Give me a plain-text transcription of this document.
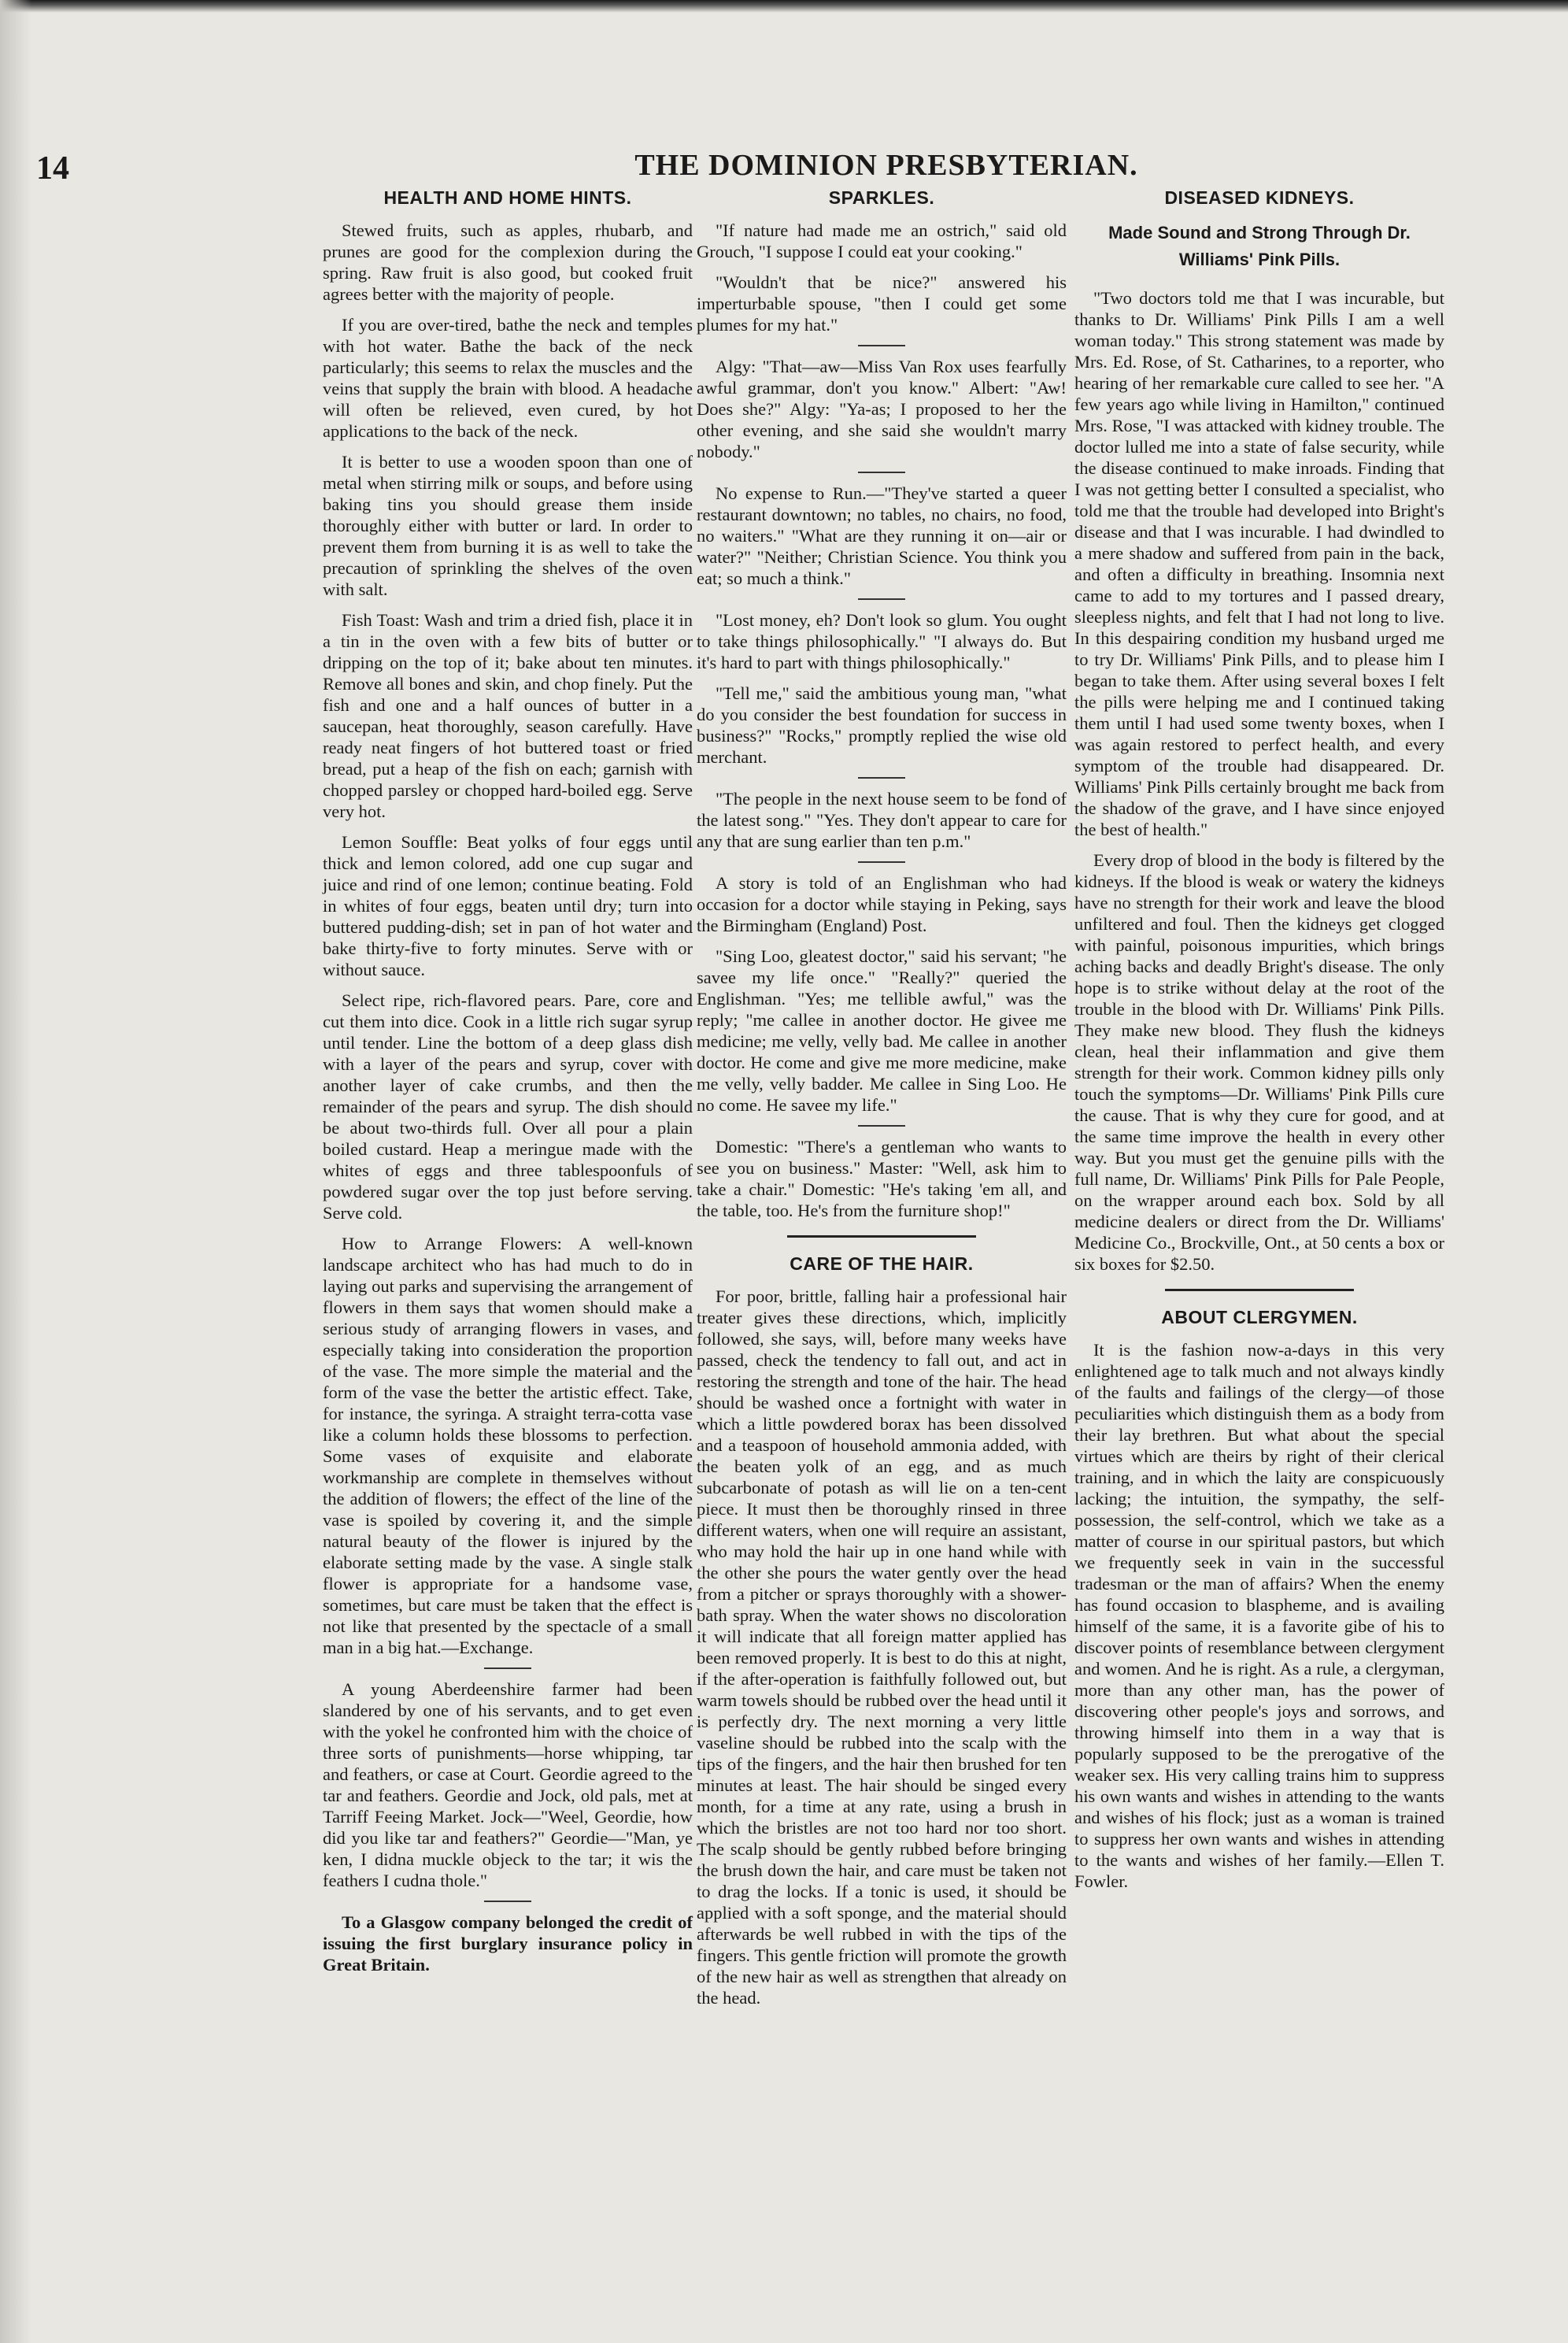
14	THE DOMINION PRESBYTERIAN.
HEALTH AND HOME HINTS.

Stewed fruits, such as apples, rhubarb, and prunes are good for the complexion during the spring. Raw fruit is also good, but cooked fruit agrees better with the majority of people.

If you are over-tired, bathe the neck and temples with hot water. Bathe the back of the neck particularly; this seems to relax the muscles and the veins that supply the brain with blood. A headache will often be relieved, even cured, by hot applications to the back of the neck.

It is better to use a wooden spoon than one of metal when stirring milk or soups, and before using baking tins you should grease them inside thoroughly either with butter or lard. In order to prevent them from burning it is as well to take the precaution of sprinkling the shelves of the oven with salt.

Fish Toast: Wash and trim a dried fish, place it in a tin in the oven with a few bits of butter or dripping on the top of it; bake about ten minutes. Remove all bones and skin, and chop finely. Put the fish and one and a half ounces of butter in a saucepan, heat thoroughly, season carefully. Have ready neat fingers of hot buttered toast or fried bread, put a heap of the fish on each; garnish with chopped parsley or chopped hard-boiled egg. Serve very hot.

Lemon Souffle: Beat yolks of four eggs until thick and lemon colored, add one cup sugar and juice and rind of one lemon; continue beating. Fold in whites of four eggs, beaten until dry; turn into buttered pudding-dish; set in pan of hot water and bake thirty-five to forty minutes. Serve with or without sauce.

Select ripe, rich-flavored pears. Pare, core and cut them into dice. Cook in a little rich sugar syrup until tender. Line the bottom of a deep glass dish with a layer of the pears and syrup, cover with another layer of cake crumbs, and then the remainder of the pears and syrup. The dish should be about two-thirds full. Over all pour a plain boiled custard. Heap a meringue made with the whites of eggs and three tablespoonfuls of powdered sugar over the top just before serving. Serve cold.

How to Arrange Flowers: A well-known landscape architect who has had much to do in laying out parks and supervising the arrangement of flowers in them says that women should make a serious study of arranging flowers in vases, and especially taking into consideration the proportion of the vase. The more simple the material and the form of the vase the better the artistic effect. Take, for instance, the syringa. A straight terra-cotta vase like a column holds these blossoms to perfection. Some vases of exquisite and elaborate workmanship are complete in themselves without the addition of flowers; the effect of the line of the vase is spoiled by covering it, and the simple natural beauty of the flower is injured by the elaborate setting made by the vase. A single stalk flower is appropriate for a handsome vase, sometimes, but care must be taken that the effect is not like that presented by the spectacle of a small man in a big hat.—Exchange.

A young Aberdeenshire farmer had been slandered by one of his servants, and to get even with the yokel he confronted him with the choice of three sorts of punishments—horse whipping, tar and feathers, or case at Court. Geordie agreed to the tar and feathers. Geordie and Jock, old pals, met at Tarriff Feeing Market. Jock—"Weel, Geordie, how did you like tar and feathers?" Geordie—"Man, ye ken, I didna muckle objeck to the tar; it wis the feathers I cudna thole."

To a Glasgow company belonged the credit of issuing the first burglary insurance policy in Great Britain.

SPARKLES.

"If nature had made me an ostrich," said old Grouch, "I suppose I could eat your cooking."

"Wouldn't that be nice?" answered his imperturbable spouse, "then I could get some plumes for my hat."

Algy: "That—aw—Miss Van Rox uses fearfully awful grammar, don't you know." Albert: "Aw! Does she?" Algy: "Ya-as; I proposed to her the other evening, and she said she wouldn't marry nobody."

No expense to Run.—"They've started a queer restaurant downtown; no tables, no chairs, no food, no waiters." "What are they running it on—air or water?" "Neither; Christian Science. You think you eat; so much a think."

"Lost money, eh? Don't look so glum. You ought to take things philosophically." "I always do. But it's hard to part with things philosophically."

"Tell me," said the ambitious young man, "what do you consider the best foundation for success in business?" "Rocks," promptly replied the wise old merchant.

"The people in the next house seem to be fond of the latest song." "Yes. They don't appear to care for any that are sung earlier than ten p.m."

A story is told of an Englishman who had occasion for a doctor while staying in Peking, says the Birmingham (England) Post.

"Sing Loo, gleatest doctor," said his servant; "he savee my life once." "Really?" queried the Englishman. "Yes; me tellible awful," was the reply; "me callee in another doctor. He givee me medicine; me velly, velly bad. Me callee in another doctor. He come and give me more medicine, make me velly, velly badder. Me callee in Sing Loo. He no come. He savee my life."

Domestic: "There's a gentleman who wants to see you on business." Master: "Well, ask him to take a chair." Domestic: "He's taking 'em all, and the table, too. He's from the furniture shop!"

CARE OF THE HAIR.

For poor, brittle, falling hair a professional hair treater gives these directions, which, implicitly followed, she says, will, before many weeks have passed, check the tendency to fall out, and act in restoring the strength and tone of the hair. The head should be washed once a fortnight with water in which a little powdered borax has been dissolved and a teaspoon of household ammonia added, with the beaten yolk of an egg, and as much subcarbonate of potash as will lie on a ten-cent piece. It must then be thoroughly rinsed in three different waters, when one will require an assistant, who may hold the hair up in one hand while with the other she pours the water gently over the head from a pitcher or sprays thoroughly with a shower-bath spray. When the water shows no discoloration it will indicate that all foreign matter applied has been removed properly. It is best to do this at night, if the after-operation is faithfully followed out, but warm towels should be rubbed over the head until it is perfectly dry. The next morning a very little vaseline should be rubbed into the scalp with the tips of the fingers, and the hair then brushed for ten minutes at least. The hair should be singed every month, for a time at any rate, using a brush in which the bristles are not too hard nor too short. The scalp should be gently rubbed before bringing the brush down the hair, and care must be taken not to drag the locks. If a tonic is used, it should be applied with a soft sponge, and the material should afterwards be well rubbed in with the tips of the fingers. This gentle friction will promote the growth of the new hair as well as strengthen that already on the head.

DISEASED KIDNEYS.
Made Sound and Strong Through Dr. Williams' Pink Pills.

"Two doctors told me that I was incurable, but thanks to Dr. Williams' Pink Pills I am a well woman today." This strong statement was made by Mrs. Ed. Rose, of St. Catharines, to a reporter, who hearing of her remarkable cure called to see her. "A few years ago while living in Hamilton," continued Mrs. Rose, "I was attacked with kidney trouble. The doctor lulled me into a state of false security, while the disease continued to make inroads. Finding that I was not getting better I consulted a specialist, who told me that the trouble had developed into Bright's disease and that I was incurable. I had dwindled to a mere shadow and suffered from pain in the back, and often a difficulty in breathing. Insomnia next came to add to my tortures and I passed dreary, sleepless nights, and felt that I had not long to live. In this despairing condition my husband urged me to try Dr. Williams' Pink Pills, and to please him I began to take them. After using several boxes I felt the pills were helping me and I continued taking them until I had used some twenty boxes, when I was again restored to perfect health, and every symptom of the trouble had disappeared. Dr. Williams' Pink Pills certainly brought me back from the shadow of the grave, and I have since enjoyed the best of health."

Every drop of blood in the body is filtered by the kidneys. If the blood is weak or watery the kidneys have no strength for their work and leave the blood unfiltered and foul. Then the kidneys get clogged with painful, poisonous impurities, which brings aching backs and deadly Bright's disease. The only hope is to strike without delay at the root of the trouble in the blood with Dr. Williams' Pink Pills. They make new blood. They flush the kidneys clean, heal their inflammation and give them strength for their work. Common kidney pills only touch the symptoms—Dr. Williams' Pink Pills cure the cause. That is why they cure for good, and at the same time improve the health in every other way. But you must get the genuine pills with the full name, Dr. Williams' Pink Pills for Pale People, on the wrapper around each box. Sold by all medicine dealers or direct from the Dr. Williams' Medicine Co., Brockville, Ont., at 50 cents a box or six boxes for $2.50.

ABOUT CLERGYMEN.

It is the fashion now-a-days in this very enlightened age to talk much and not always kindly of the faults and failings of the clergy—of those peculiarities which distinguish them as a body from their lay brethren. But what about the special virtues which are theirs by right of their clerical training, and in which the laity are conspicuously lacking; the intuition, the sympathy, the self-possession, the self-control, which we take as a matter of course in our spiritual pastors, but which we frequently seek in vain in the successful tradesman or the man of affairs? When the enemy has found occasion to blaspheme, and is availing himself of the same, it is a favorite gibe of his to discover points of resemblance between clergyment and women. And he is right. As a rule, a clergyman, more than any other man, has the power of discovering other people's joys and sorrows, and throwing himself into them in a way that is popularly supposed to be the prerogative of the weaker sex. His very calling trains him to suppress his own wants and wishes in attending to the wants and wishes of his flock; just as a woman is trained to suppress her own wants and wishes in attending to the wants and wishes of her family.—Ellen T. Fowler.
